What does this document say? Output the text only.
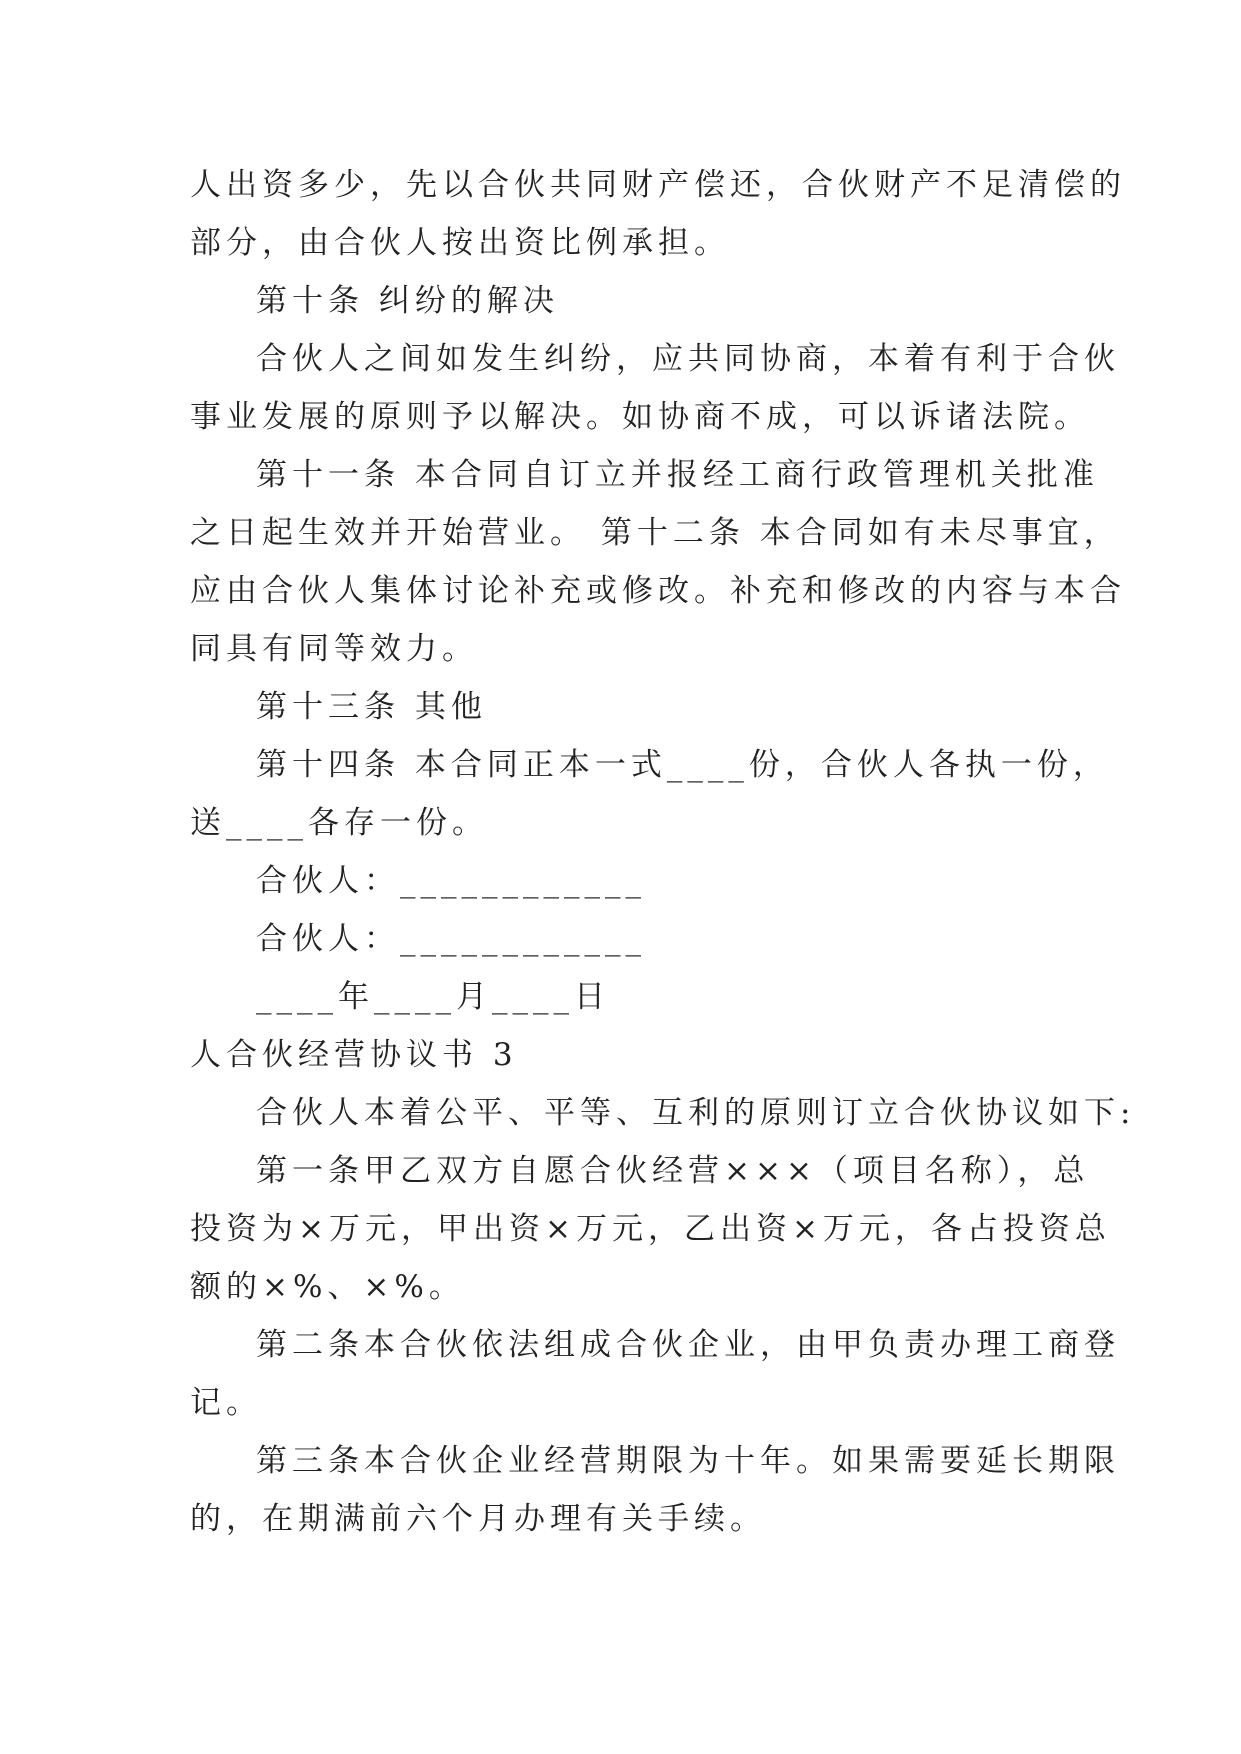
人出资多少，先以合伙共同财产偿还，合伙财产不足清偿的
部分，由合伙人按出资比例承担。
第十条 纠纷的解决
合伙人之间如发生纠纷，应共同协商，本着有利于合伙
事业发展的原则予以解决。如协商不成，可以诉诸法院。
第十一条 本合同自订立并报经工商行政管理机关批准
之日起生效并开始营业。 第十二条 本合同如有未尽事宜，
应由合伙人集体讨论补充或修改。补充和修改的内容与本合
同具有同等效力。
第十三条 其他
第十四条 本合同正本一式____份，合伙人各执一份，
送____各存一份。
合伙人：____________
合伙人：____________
____年____月____日
人合伙经营协议书 3
合伙人本着公平、平等、互利的原则订立合伙协议如下:
第一条甲乙双方自愿合伙经营×××（项目名称），总
投资为×万元，甲出资×万元，乙出资×万元，各占投资总
额的×%、×%。
第二条本合伙依法组成合伙企业，由甲负责办理工商登
记。
第三条本合伙企业经营期限为十年。如果需要延长期限
的，在期满前六个月办理有关手续。
